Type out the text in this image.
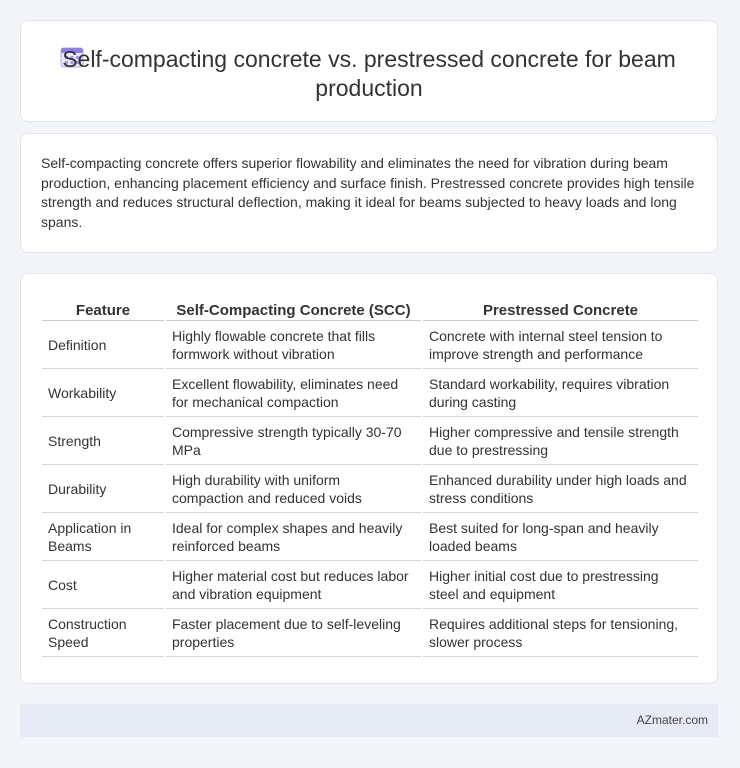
Self-compacting concrete vs. prestressed concrete for beam production

Self-compacting concrete offers superior flowability and eliminates the need for vibration during beam production, enhancing placement efficiency and surface finish. Prestressed concrete provides high tensile strength and reduces structural deflection, making it ideal for beams subjected to heavy loads and long spans.

Feature		Self-Compacting Concrete (SCC)		Prestressed Concrete
Definition		Highly flowable concrete that fills formwork without vibration		Concrete with internal steel tension to improve strength and performance
Workability		Excellent flowability, eliminates need for mechanical compaction		Standard workability, requires vibration during casting
Strength		Compressive strength typically 30-70 MPa		Higher compressive and tensile strength due to prestressing
Durability		High durability with uniform compaction and reduced voids		Enhanced durability under high loads and stress conditions
Application in Beams		Ideal for complex shapes and heavily reinforced beams		Best suited for long-span and heavily loaded beams
Cost		Higher material cost but reduces labor and vibration equipment		Higher initial cost due to prestressing steel and equipment
Construction Speed		Faster placement due to self-leveling properties		Requires additional steps for tensioning, slower process
AZmater.com
